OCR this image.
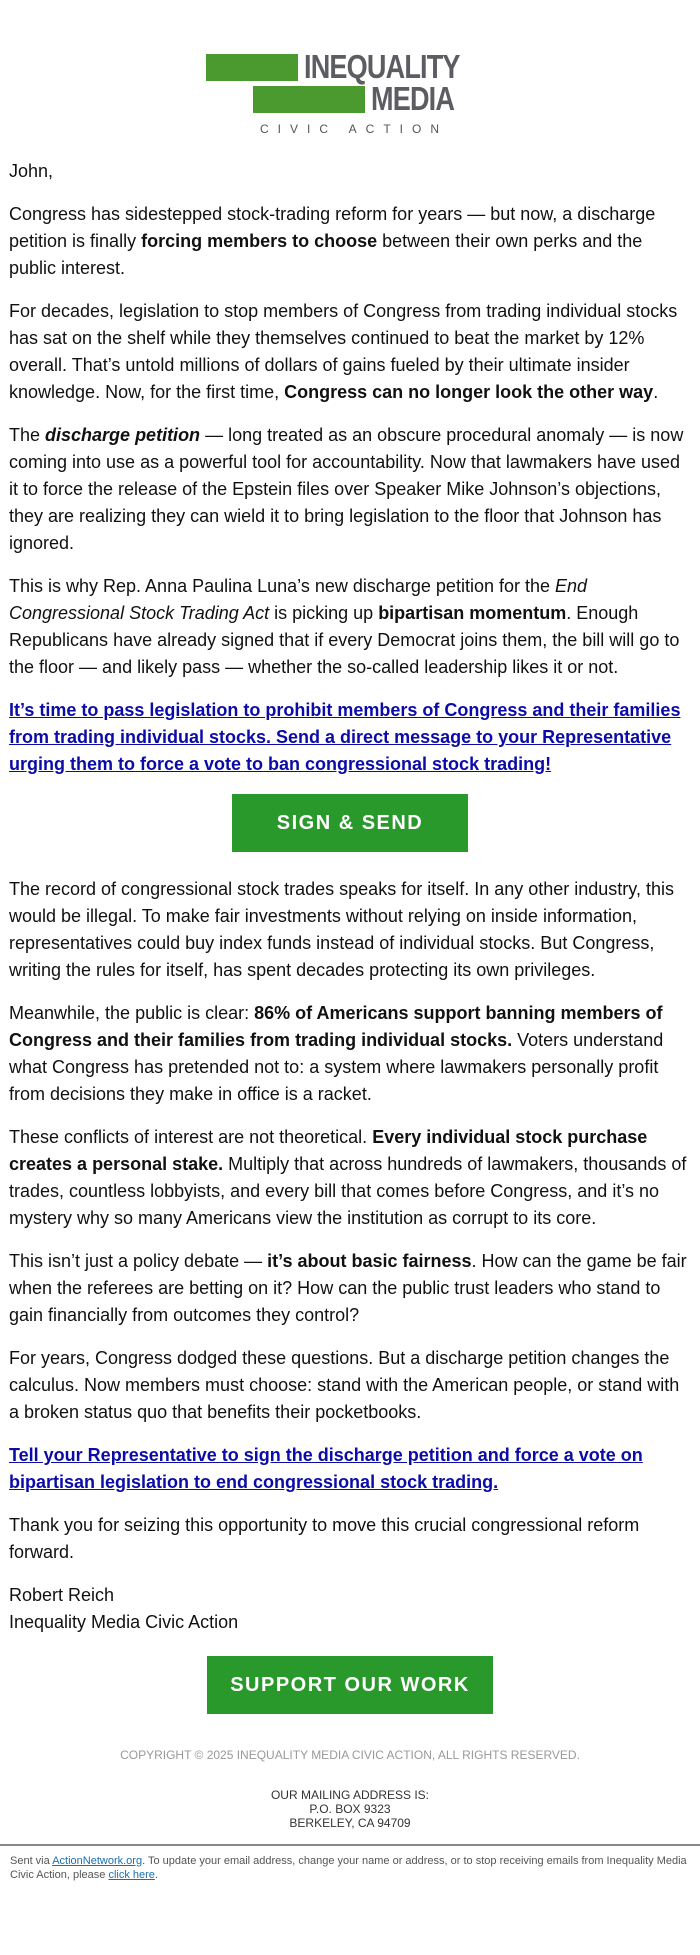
INEQUALITY
MEDIA
CIVIC ACTION

John,

Congress has sidestepped stock-trading reform for years — but now, a discharge petition is finally forcing members to choose between their own perks and the public interest.

For decades, legislation to stop members of Congress from trading individual stocks has sat on the shelf while they themselves continued to beat the market by 12% overall. That’s untold millions of dollars of gains fueled by their ultimate insider knowledge. Now, for the first time, Congress can no longer look the other way.

The discharge petition — long treated as an obscure procedural anomaly — is now coming into use as a powerful tool for accountability. Now that lawmakers have used it to force the release of the Epstein files over Speaker Mike Johnson’s objections, they are realizing they can wield it to bring legislation to the floor that Johnson has ignored.

This is why Rep. Anna Paulina Luna’s new discharge petition for the End Congressional Stock Trading Act is picking up bipartisan momentum. Enough Republicans have already signed that if every Democrat joins them, the bill will go to the floor — and likely pass — whether the so-called leadership likes it or not.

It’s time to pass legislation to prohibit members of Congress and their families from trading individual stocks. Send a direct message to your Representative urging them to force a vote to ban congressional stock trading!

SIGN & SEND

The record of congressional stock trades speaks for itself. In any other industry, this would be illegal. To make fair investments without relying on inside information, representatives could buy index funds instead of individual stocks. But Congress, writing the rules for itself, has spent decades protecting its own privileges.

Meanwhile, the public is clear: 86% of Americans support banning members of Congress and their families from trading individual stocks. Voters understand what Congress has pretended not to: a system where lawmakers personally profit from decisions they make in office is a racket.

These conflicts of interest are not theoretical. Every individual stock purchase creates a personal stake. Multiply that across hundreds of lawmakers, thousands of trades, countless lobbyists, and every bill that comes before Congress, and it’s no mystery why so many Americans view the institution as corrupt to its core.

This isn’t just a policy debate — it’s about basic fairness. How can the game be fair when the referees are betting on it? How can the public trust leaders who stand to gain financially from outcomes they control?

For years, Congress dodged these questions. But a discharge petition changes the calculus. Now members must choose: stand with the American people, or stand with a broken status quo that benefits their pocketbooks.

Tell your Representative to sign the discharge petition and force a vote on bipartisan legislation to end congressional stock trading.

Thank you for seizing this opportunity to move this crucial congressional reform forward.

Robert Reich
Inequality Media Civic Action

SUPPORT OUR WORK
COPYRIGHT © 2025 INEQUALITY MEDIA CIVIC ACTION, ALL RIGHTS RESERVED.
OUR MAILING ADDRESS IS:
P.O. BOX 9323
BERKELEY, CA 94709
Sent via ActionNetwork.org. To update your email address, change your name or address, or to stop receiving emails from Inequality Media Civic Action, please click here.
